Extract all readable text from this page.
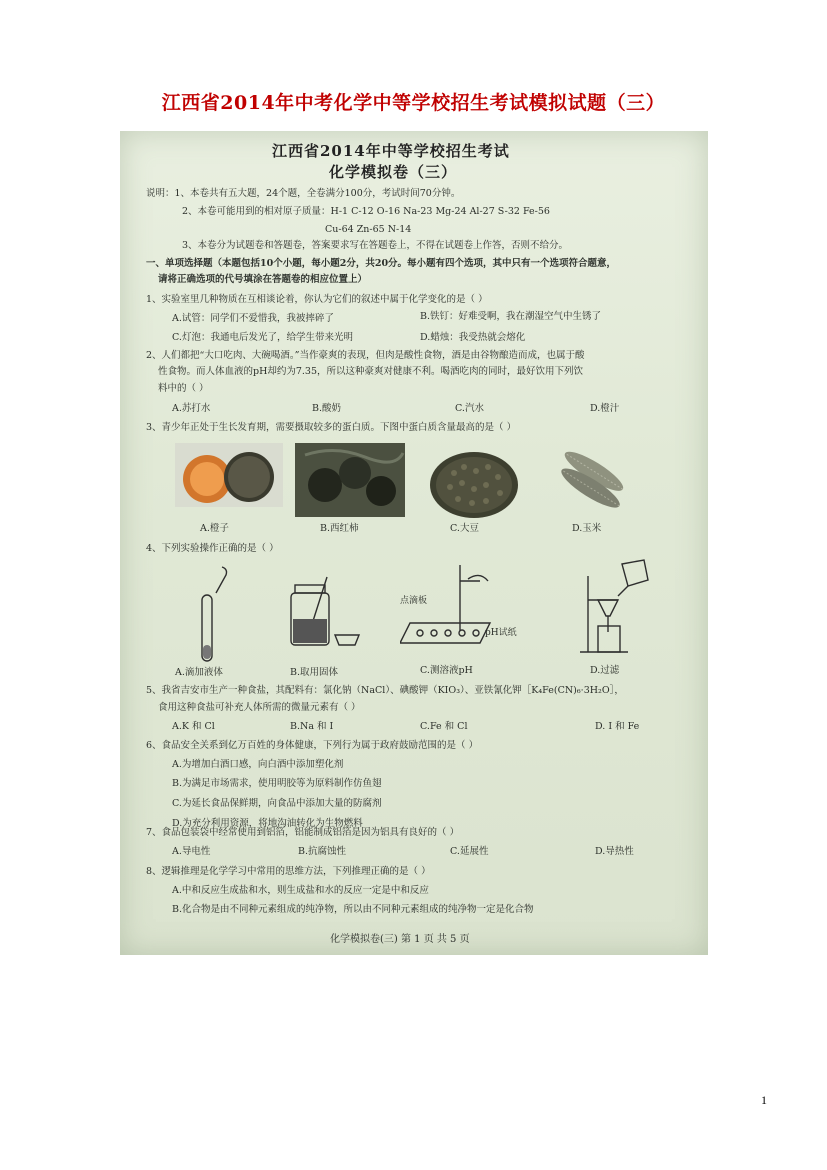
江西省2014年中考化学中等学校招生考试模拟试题（三）
江西省2014年中等学校招生考试
化学模拟卷（三）
说明：1、本卷共有五大题，24个题，全卷满分100分，考试时间70分钟。
2、本卷可能用到的相对原子质量：H-1 C-12 O-16 Na-23 Mg-24 Al-27 S-32 Fe-56
Cu-64 Zn-65 N-14
3、本卷分为试题卷和答题卷，答案要求写在答题卷上，不得在试题卷上作答，否则不给分。
一、单项选择题（本题包括10个小题，每小题2分，共20分。每小题有四个选项，其中只有一个选项符合题意，
请将正确选项的代号填涂在答题卷的相应位置上）
1、实验室里几种物质在互相谈论着，你认为它们的叙述中属于化学变化的是（ ）
A.试管：同学们不爱惜我，我被摔碎了	B.铁钉：好难受啊，我在潮湿空气中生锈了
C.灯泡：我通电后发光了，给学生带来光明	D.蜡烛：我受热就会熔化
2、人们都把“大口吃肉、大碗喝酒。”当作豪爽的表现，但肉是酸性食物，酒是由谷物酿造而成，也属于酸
性食物。而人体血液的pH却约为7.35，所以这种豪爽对健康不利。喝酒吃肉的同时，最好饮用下列饮
料中的（ ）
A.苏打水	B.酸奶	C.汽水	D.橙汁
3、青少年正处于生长发育期，需要摄取较多的蛋白质。下图中蛋白质含量最高的是（ ）
A.橙子	B.西红柿	C.大豆	D.玉米
4、下列实验操作正确的是（ ）
点滴板
pH试纸
A.滴加液体	B.取用固体	C.测溶液pH	D.过滤
5、我省吉安市生产一种食盐，其配料有：氯化钠（NaCl）、碘酸钾（KIO₃）、亚铁氰化钾［K₄Fe(CN)₆·3H₂O］，
食用这种食盐可补充人体所需的微量元素有（ ）
A.K 和 Cl	B.Na 和 I	C.Fe 和 Cl	D. I 和 Fe
6、食品安全关系到亿万百姓的身体健康，下列行为属于政府鼓励范围的是（ ）
A.为增加白酒口感，向白酒中添加塑化剂
B.为满足市场需求，使用明胶等为原料制作仿鱼翅
C.为延长食品保鲜期，向食品中添加大量的防腐剂
D.为充分利用资源，将地沟油转化为生物燃料
7、食品包装袋中经常使用到铝箔，铝能制成铝箔是因为铝具有良好的（ ）
A.导电性	B.抗腐蚀性	C.延展性	D.导热性
8、逻辑推理是化学学习中常用的思维方法，下列推理正确的是（ ）
A.中和反应生成盐和水，则生成盐和水的反应一定是中和反应
B.化合物是由不同种元素组成的纯净物，所以由不同种元素组成的纯净物一定是化合物
化学模拟卷(三) 第 1 页 共 5 页
1
